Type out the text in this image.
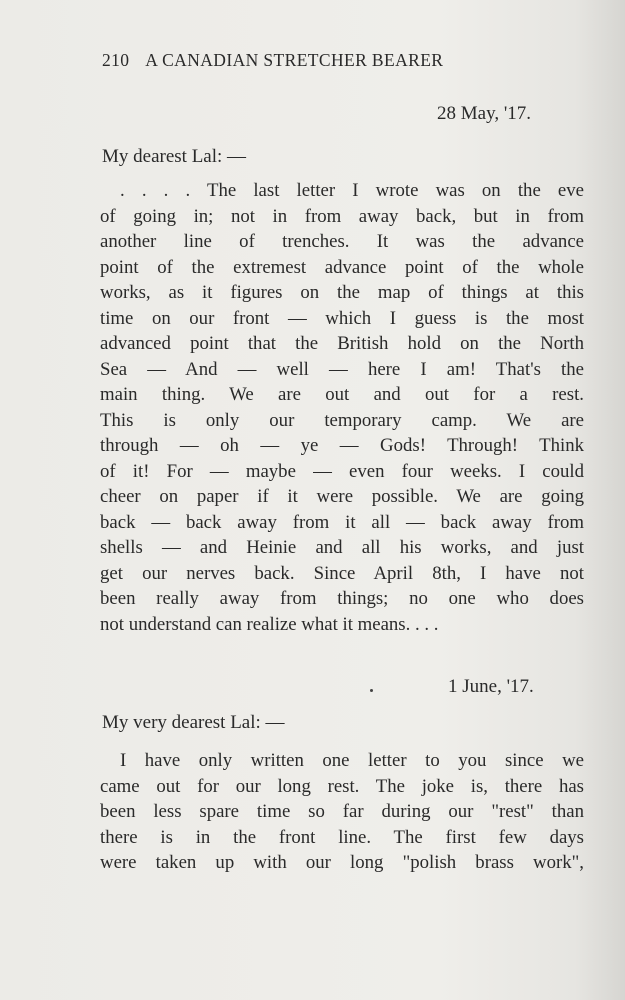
210 A CANADIAN STRETCHER BEARER
28 May, '17.
My dearest Lal: —
. . . . The last letter I wrote was on the eve
of going in; not in from away back, but in from
another line of trenches. It was the advance
point of the extremest advance point of the whole
works, as it figures on the map of things at this
time on our front — which I guess is the most
advanced point that the British hold on the North
Sea — And — well — here I am! That's the
main thing. We are out and out for a rest.
This is only our temporary camp. We are
through — oh — ye — Gods! Through! Think
of it! For — maybe — even four weeks. I could
cheer on paper if it were possible. We are going
back — back away from it all — back away from
shells — and Heinie and all his works, and just
get our nerves back. Since April 8th, I have not
been really away from things; no one who does
not understand can realize what it means. . . .
1 June, '17.
My very dearest Lal: —
I have only written one letter to you since we
came out for our long rest. The joke is, there has
been less spare time so far during our "rest" than
there is in the front line. The first few days
were taken up with our long "polish brass work",
